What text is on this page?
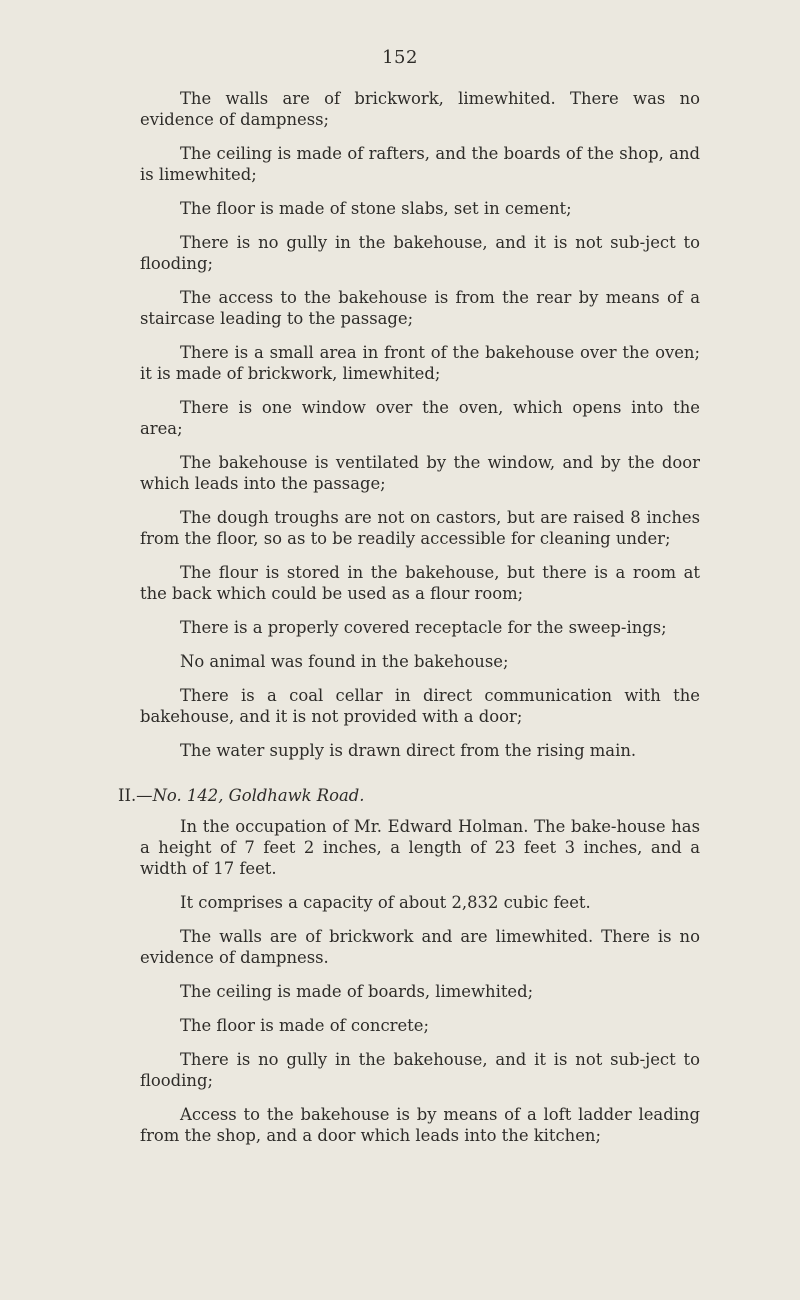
152

The walls are of brickwork, limewhited. There was no evidence of dampness;

The ceiling is made of rafters, and the boards of the shop, and is limewhited;

The floor is made of stone slabs, set in cement;

There is no gully in the bakehouse, and it is not sub-ject to flooding;

The access to the bakehouse is from the rear by means of a staircase leading to the passage;

There is a small area in front of the bakehouse over the oven; it is made of brickwork, limewhited;

There is one window over the oven, which opens into the area;

The bakehouse is ventilated by the window, and by the door which leads into the passage;

The dough troughs are not on castors, but are raised 8 inches from the floor, so as to be readily accessible for cleaning under;

The flour is stored in the bakehouse, but there is a room at the back which could be used as a flour room;

There is a properly covered receptacle for the sweep-ings;

No animal was found in the bakehouse;

There is a coal cellar in direct communication with the bakehouse, and it is not provided with a door;

The water supply is drawn direct from the rising main.

II.—No. 142, Goldhawk Road.

In the occupation of Mr. Edward Holman. The bake-house has a height of 7 feet 2 inches, a length of 23 feet 3 inches, and a width of 17 feet.

It comprises a capacity of about 2,832 cubic feet.

The walls are of brickwork and are limewhited. There is no evidence of dampness.

The ceiling is made of boards, limewhited;

The floor is made of concrete;

There is no gully in the bakehouse, and it is not sub-ject to flooding;

Access to the bakehouse is by means of a loft ladder leading from the shop, and a door which leads into the kitchen;
